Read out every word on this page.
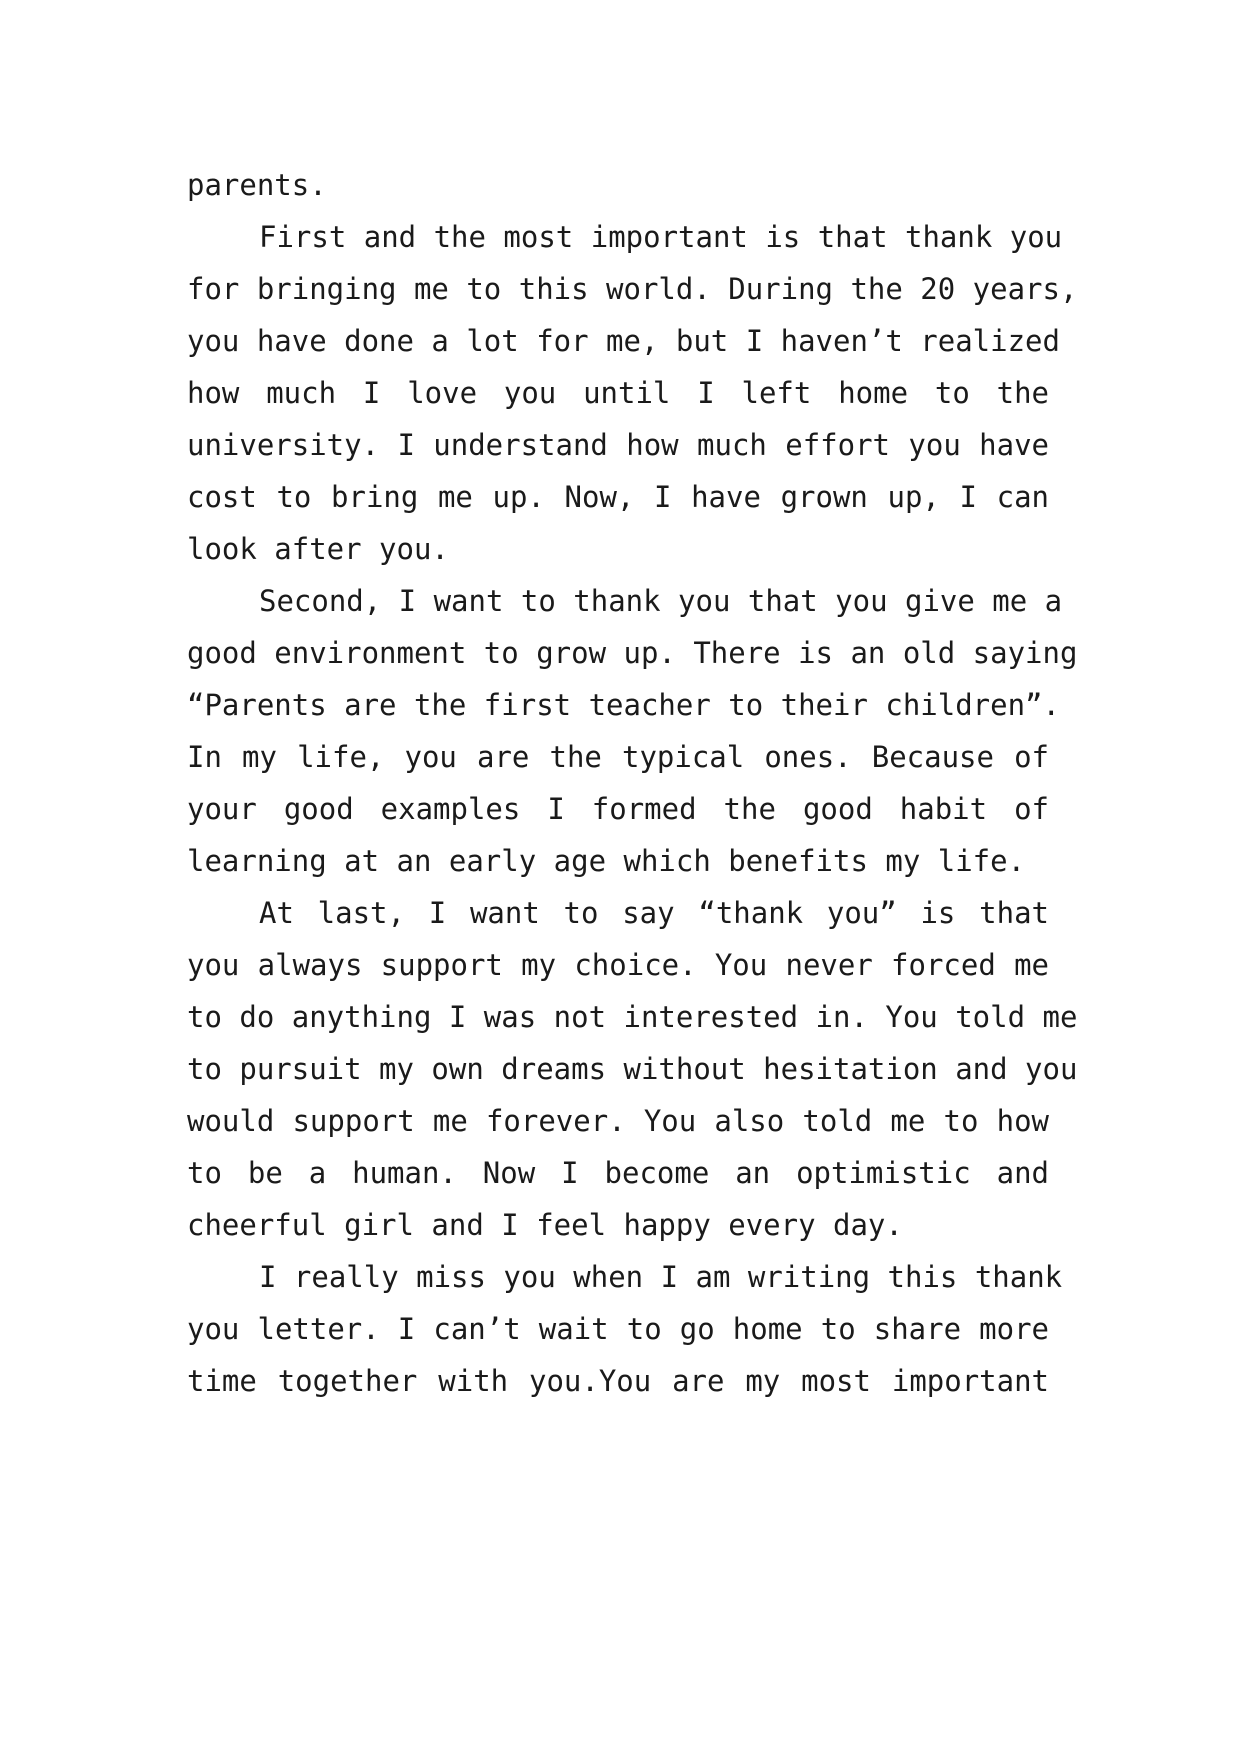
parents.
First and the most important is that thank you
for bringing me to this world. During the 20 years,
you have done a lot for me, but I haven’t realized
how much I love you until I left home to the
university. I understand how much effort you have
cost to bring me up. Now, I have grown up, I can
look after you.
Second, I want to thank you that you give me a
good environment to grow up. There is an old saying
“Parents are the first teacher to their children”.
In my life, you are the typical ones. Because of
your good examples I formed the good habit of
learning at an early age which benefits my life.
At last, I want to say “thank you” is that
you always support my choice. You never forced me
to do anything I was not interested in. You told me
to pursuit my own dreams without hesitation and you
would support me forever. You also told me to how
to be a human. Now I become an optimistic and
cheerful girl and I feel happy every day.
I really miss you when I am writing this thank
you letter. I can’t wait to go home to share more
time together with you.You are my most important
